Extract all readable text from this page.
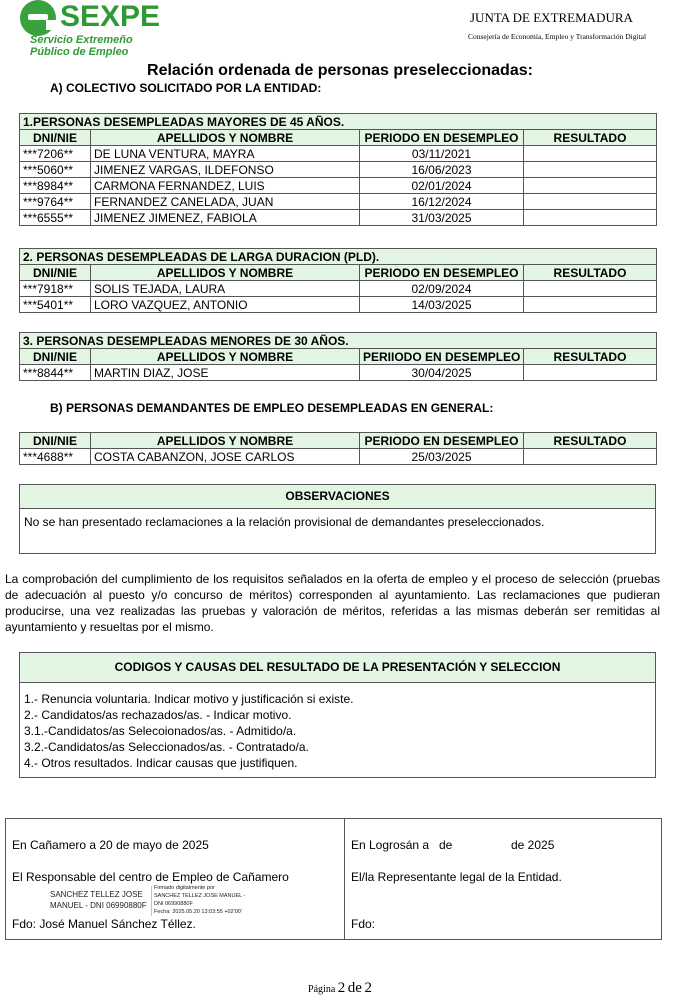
SEXPE
Servicio Extremeño
Público de Empleo
JUNTA DE EXTREMADURA
Consejería de Economía, Empleo y Transformación Digital
Relación ordenada de personas preseleccionadas:
A) COLECTIVO SOLICITADO POR LA ENTIDAD:
1.PERSONAS DESEMPLEADAS MAYORES DE 45 AÑOS.			
DNI/NIE	APELLIDOS Y NOMBRE	PERIODO EN DESEMPLEO	RESULTADO
***7206**	DE LUNA VENTURA, MAYRA	03/11/2021	
***5060**	JIMENEZ VARGAS, ILDEFONSO	16/06/2023	
***8984**	CARMONA FERNANDEZ, LUIS	02/01/2024	
***9764**	FERNANDEZ CANELADA, JUAN	16/12/2024	
***6555**	JIMENEZ JIMENEZ, FABIOLA	31/03/2025	
2. PERSONAS DESEMPLEADAS DE LARGA DURACION (PLD).			
DNI/NIE	APELLIDOS Y NOMBRE	PERIODO EN DESEMPLEO	RESULTADO
***7918**	SOLIS TEJADA, LAURA	02/09/2024	
***5401**	LORO VAZQUEZ, ANTONIO	14/03/2025	
3. PERSONAS DESEMPLEADAS MENORES DE 30 AÑOS.			
DNI/NIE	APELLIDOS Y NOMBRE	PERIIODO EN DESEMPLEO	RESULTADO
***8844**	MARTIN DIAZ, JOSE	30/04/2025	
B) PERSONAS DEMANDANTES DE EMPLEO DESEMPLEADAS EN GENERAL:
DNI/NIE	APELLIDOS Y NOMBRE	PERIODO EN DESEMPLEO	RESULTADO
***4688**	COSTA CABANZON, JOSE CARLOS	25/03/2025	
OBSERVACIONES
No se han presentado reclamaciones a la relación provisional de demandantes preseleccionados.
La comprobación del cumplimiento de los requisitos señalados en la oferta de empleo y el proceso de selección (pruebas de adecuación al puesto y/o concurso de méritos) corresponden al ayuntamiento. Las reclamaciones que pudieran producirse, una vez realizadas las pruebas y valoración de méritos, referidas a las mismas deberán ser remitidas al ayuntamiento y resueltas por el mismo.
CODIGOS Y CAUSAS DEL RESULTADO DE LA PRESENTACIÓN Y SELECCION
1.- Renuncia voluntaria. Indicar motivo y justificación si existe.
2.- Candidatos/as rechazados/as. - Indicar motivo.
3.1.-Candidatos/as Selecoionados/as. - Admitido/a.
3.2.-Candidatos/as Seleccionados/as. - Contratado/a.
4.- Otros resultados. Indicar causas que justifiquen.
En Cañamero a 20 de mayo de 2025
El Responsable del centro de Empleo de Cañamero
SANCHEZ TELLEZ JOSE
MANUEL - DNI 06990880F
Firmado digitalmente por
SANCHEZ TELLEZ JOSE MANUEL -
DNI 06990880F
Fecha: 2025.05.20 13:03:55 +02'00'
Fdo: José Manuel Sánchez Téllez.
En Logrosán a de	de 2025
El/la Representante legal de la Entidad.
Fdo:
Página 2 de 2
